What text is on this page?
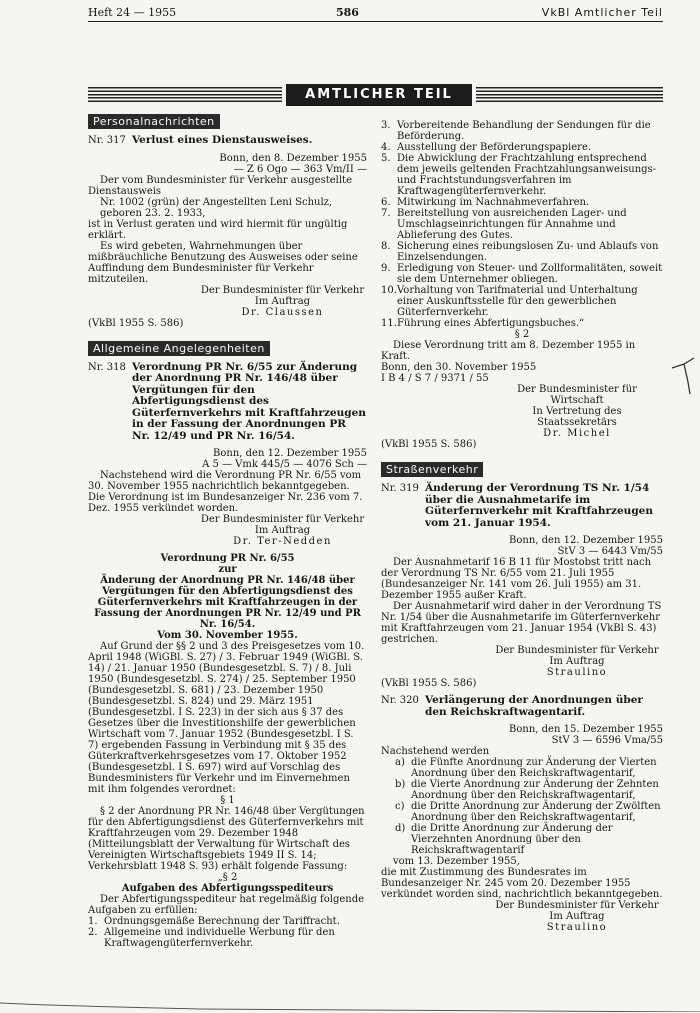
Heft 24 — 1955	586	VkBl Amtlicher Teil
AMTLICHER TEIL
Personalnachrichten
Nr. 317 Verlust eines Dienstausweises.

Bonn, den 8. Dezember 1955

— Z 6 Ogo — 363 Vm/II —

Der vom Bundesminister für Verkehr ausgestellte Dienstausweis

Nr. 1002 (grün) der Angestellten Leni Schulz,

geboren 23. 2. 1933,

ist in Verlust geraten und wird hiermit für ungültig erklärt.

Es wird gebeten, Wahrnehmungen über mißbräuchliche Benutzung des Ausweises oder seine Auffindung dem Bundesminister für Verkehr mitzuteilen.

Der Bundesminister für Verkehr

Im Auftrag

Dr. Claussen

(VkBl 1955 S. 586)

Allgemeine Angelegenheiten
Nr. 318 Verordnung PR Nr. 6/55 zur Änderung der Anordnung PR Nr. 146/48 über Vergütungen für den Abfertigungsdienst des Güterfernverkehrs mit Kraftfahrzeugen in der Fassung der Anordnungen PR Nr. 12/49 und PR Nr. 16/54.

Bonn, den 12. Dezember 1955

A 5 — Vmk 445/5 — 4076 Sch —

Nachstehend wird die Verordnung PR Nr. 6/55 vom 30. November 1955 nachrichtlich bekanntgegeben. Die Verordnung ist im Bundesanzeiger Nr. 236 vom 7. Dez. 1955 verkündet worden.

Der Bundesminister für Verkehr

Im Auftrag

Dr. Ter-Nedden

Verordnung PR Nr. 6/55

zur

Änderung der Anordnung PR Nr. 146/48 über Vergütungen für den Abfertigungsdienst des Güterfernverkehrs mit Kraftfahrzeugen in der Fassung der Anordnungen PR Nr. 12/49 und PR Nr. 16/54.

Vom 30. November 1955.

Auf Grund der §§ 2 und 3 des Preisgesetzes vom 10. April 1948 (WiGBl. S. 27) / 3. Februar 1949 (WiGBl. S. 14) / 21. Januar 1950 (Bundesgesetzbl. S. 7) / 8. Juli 1950 (Bundesgesetzbl. S. 274) / 25. September 1950 (Bundesgesetzbl. S. 681) / 23. Dezember 1950 (Bundesgesetzbl. S. 824) und 29. März 1951 (Bundesgesetzbl. I S. 223) in der sich aus § 37 des Gesetzes über die Investitionshilfe der gewerblichen Wirtschaft vom 7. Januar 1952 (Bundesgesetzbl. I S. 7) ergebenden Fassung in Verbindung mit § 35 des Güterkraftverkehrsgesetzes vom 17. Oktober 1952 (Bundesgesetzbl. I S. 697) wird auf Vorschlag des Bundesministers für Verkehr und im Einvernehmen mit ihm folgendes verordnet:

§ 1

§ 2 der Anordnung PR Nr. 146/48 über Vergütungen für den Abfertigungsdienst des Güterfernverkehrs mit Kraftfahrzeugen vom 29. Dezember 1948 (Mitteilungsblatt der Verwaltung für Wirtschaft des Vereinigten Wirtschaftsgebiets 1949 II S. 14; Verkehrsblatt 1948 S. 93) erhält folgende Fassung:

„§ 2

Aufgaben des Abfertigungsspediteurs

Der Abfertigungsspediteur hat regelmäßig folgende Aufgaben zu erfüllen:

1. Ordnungsgemäße Berechnung der Tariffracht.
2. Allgemeine und individuelle Werbung für den Kraftwagengüterfernverkehr.
3. Vorbereitende Behandlung der Sendungen für die Beförderung.
4. Ausstellung der Beförderungspapiere.
5. Die Abwicklung der Frachtzahlung entsprechend dem jeweils geltenden Frachtzahlungsanweisungs- und Frachtstundungsverfahren im Kraftwagengüterfernverkehr.
6. Mitwirkung im Nachnahmeverfahren.
7. Bereitstellung von ausreichenden Lager- und Umschlagseinrichtungen für Annahme und Ablieferung des Gutes.
8. Sicherung eines reibungslosen Zu- und Ablaufs von Einzelsendungen.
9. Erledigung von Steuer- und Zollformalitäten, soweit sie dem Unternehmer obliegen.
10. Vorhaltung von Tarifmaterial und Unterhaltung einer Auskunftsstelle für den gewerblichen Güterfernverkehr.
11. Führung eines Abfertigungsbuches.“

§ 2

Diese Verordnung tritt am 8. Dezember 1955 in Kraft.

Bonn, den 30. November 1955

I B 4 / S 7 / 9371 / 55

Der Bundesminister für Wirtschaft

In Vertretung des Staatssekretärs

Dr. Michel

(VkBl 1955 S. 586)

Straßenverkehr
Nr. 319 Änderung der Verordnung TS Nr. 1/54 über die Ausnahmetarife im Güterfernverkehr mit Kraftfahrzeugen vom 21. Januar 1954.

Bonn, den 12. Dezember 1955

StV 3 — 6443 Vm/55

Der Ausnahmetarif 16 B 11 für Mostobst tritt nach der Verordnung TS Nr. 6/55 vom 21. Juli 1955 (Bundesanzeiger Nr. 141 vom 26. Juli 1955) am 31. Dezember 1955 außer Kraft.

Der Ausnahmetarif wird daher in der Verordnung TS Nr. 1/54 über die Ausnahmetarife im Güterfernverkehr mit Kraftfahrzeugen vom 21. Januar 1954 (VkBl S. 43) gestrichen.

Der Bundesminister für Verkehr

Im Auftrag

Straulino

(VkBl 1955 S. 586)

Nr. 320 Verlängerung der Anordnungen über den Reichskraftwagentarif.

Bonn, den 15. Dezember 1955

StV 3 — 6596 Vma/55

Nachstehend werden

a) die Fünfte Anordnung zur Änderung der Vierten Anordnung über den Reichskraftwagentarif,
b) die Vierte Anordnung zur Änderung der Zehnten Anordnung über den Reichskraftwagentarif,
c) die Dritte Anordnung zur Änderung der Zwölften Anordnung über den Reichskraftwagentarif,
d) die Dritte Anordnung zur Änderung der Vierzehnten Anordnung über den Reichskraftwagentarif

vom 13. Dezember 1955,

die mit Zustimmung des Bundesrates im Bundesanzeiger Nr. 245 vom 20. Dezember 1955 verkündet worden sind, nachrichtlich bekanntgegeben.

Der Bundesminister für Verkehr

Im Auftrag

Straulino
